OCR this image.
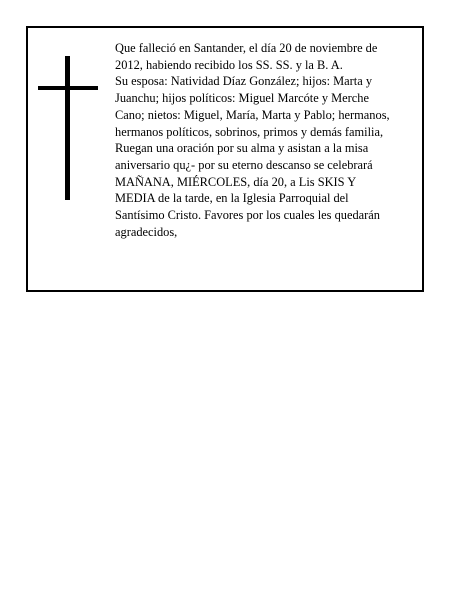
Que falleció en Santander, el día 20 de noviembre de
2012, habiendo recibido los SS. SS. y la B. A.
Su esposa: Natividad Díaz González; hijos: Marta y
Juanchu; hijos políticos: Miguel Marcóte y Merche
Cano; nietos: Miguel, María, Marta y Pablo; hermanos,
hermanos políticos, sobrinos, primos y demás familia,
Ruegan una oración por su alma y asistan a la misa
aniversario qu¿- por su eterno descanso se celebrará
MAÑANA, MIÉRCOLES, día 20, a Lis SKIS Y
MEDIA de la tarde, en la Iglesia Parroquial del
Santísimo Cristo. Favores por los cuales les quedarán
agradecidos,
